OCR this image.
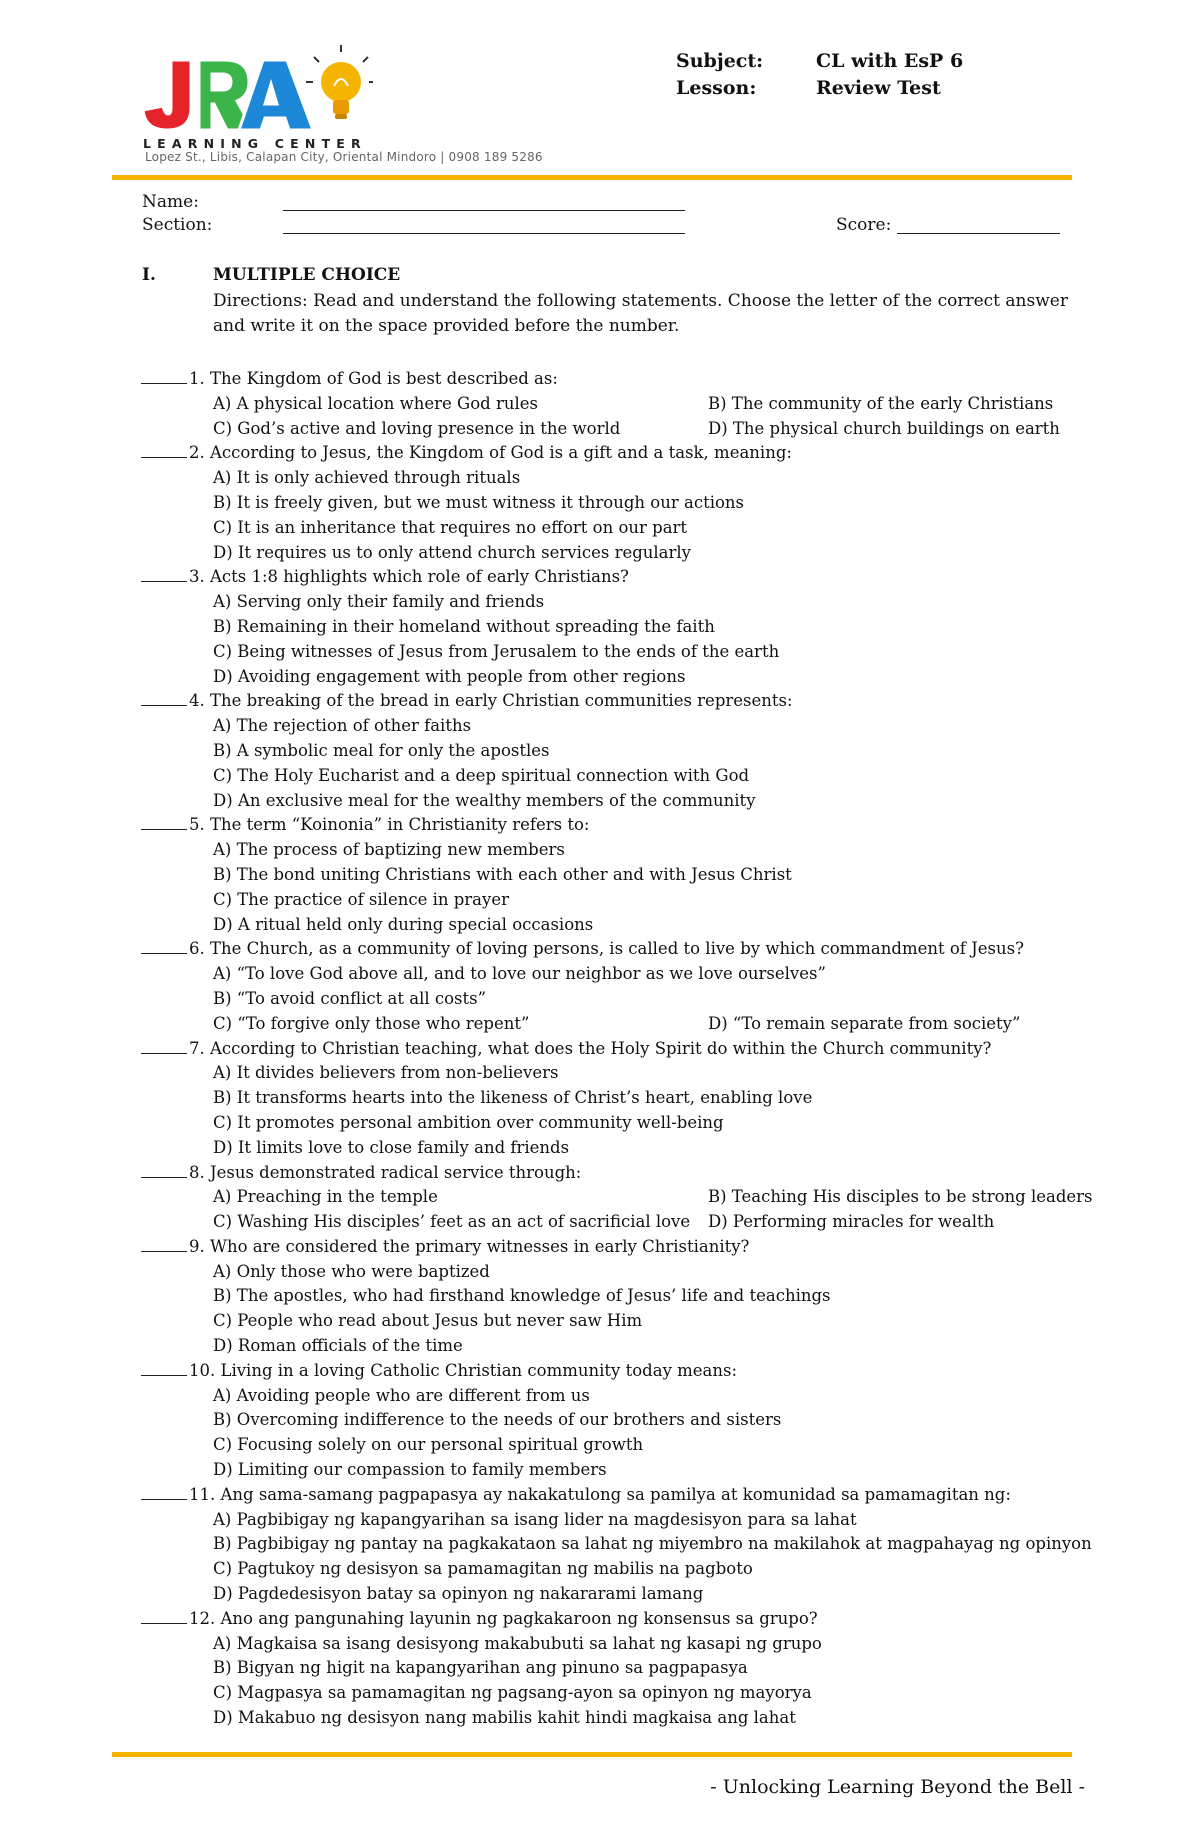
LEARNING CENTER
Lopez St., Libis, Calapan City, Oriental Mindoro | 0908 189 5286
Subject:	CL with EsP 6
Lesson:	Review Test
Name:
Section:	Score:
I.	MULTIPLE CHOICE
Directions: Read and understand the following statements. Choose the letter of the correct answer and write it on the space provided before the number.
1. The Kingdom of God is best described as:
A) A physical location where God rules	B) The community of the early Christians
C) God’s active and loving presence in the world	D) The physical church buildings on earth
2. According to Jesus, the Kingdom of God is a gift and a task, meaning:
A) It is only achieved through rituals
B) It is freely given, but we must witness it through our actions
C) It is an inheritance that requires no effort on our part
D) It requires us to only attend church services regularly
3. Acts 1:8 highlights which role of early Christians?
A) Serving only their family and friends
B) Remaining in their homeland without spreading the faith
C) Being witnesses of Jesus from Jerusalem to the ends of the earth
D) Avoiding engagement with people from other regions
4. The breaking of the bread in early Christian communities represents:
A) The rejection of other faiths
B) A symbolic meal for only the apostles
C) The Holy Eucharist and a deep spiritual connection with God
D) An exclusive meal for the wealthy members of the community
5. The term “Koinonia” in Christianity refers to:
A) The process of baptizing new members
B) The bond uniting Christians with each other and with Jesus Christ
C) The practice of silence in prayer
D) A ritual held only during special occasions
6. The Church, as a community of loving persons, is called to live by which commandment of Jesus?
A) “To love God above all, and to love our neighbor as we love ourselves”
B) “To avoid conflict at all costs”
C) “To forgive only those who repent”	D) “To remain separate from society”
7. According to Christian teaching, what does the Holy Spirit do within the Church community?
A) It divides believers from non-believers
B) It transforms hearts into the likeness of Christ’s heart, enabling love
C) It promotes personal ambition over community well-being
D) It limits love to close family and friends
8. Jesus demonstrated radical service through:
A) Preaching in the temple	B) Teaching His disciples to be strong leaders
C) Washing His disciples’ feet as an act of sacrificial love D) Performing miracles for wealth
9. Who are considered the primary witnesses in early Christianity?
A) Only those who were baptized
B) The apostles, who had firsthand knowledge of Jesus’ life and teachings
C) People who read about Jesus but never saw Him
D) Roman officials of the time
10. Living in a loving Catholic Christian community today means:
A) Avoiding people who are different from us
B) Overcoming indifference to the needs of our brothers and sisters
C) Focusing solely on our personal spiritual growth
D) Limiting our compassion to family members
11. Ang sama-samang pagpapasya ay nakakatulong sa pamilya at komunidad sa pamamagitan ng:
A) Pagbibigay ng kapangyarihan sa isang lider na magdesisyon para sa lahat
B) Pagbibigay ng pantay na pagkakataon sa lahat ng miyembro na makilahok at magpahayag ng opinyon
C) Pagtukoy ng desisyon sa pamamagitan ng mabilis na pagboto
D) Pagdedesisyon batay sa opinyon ng nakararami lamang
12. Ano ang pangunahing layunin ng pagkakaroon ng konsensus sa grupo?
A) Magkaisa sa isang desisyong makabubuti sa lahat ng kasapi ng grupo
B) Bigyan ng higit na kapangyarihan ang pinuno sa pagpapasya
C) Magpasya sa pamamagitan ng pagsang-ayon sa opinyon ng mayorya
D) Makabuo ng desisyon nang mabilis kahit hindi magkaisa ang lahat
- Unlocking Learning Beyond the Bell -
